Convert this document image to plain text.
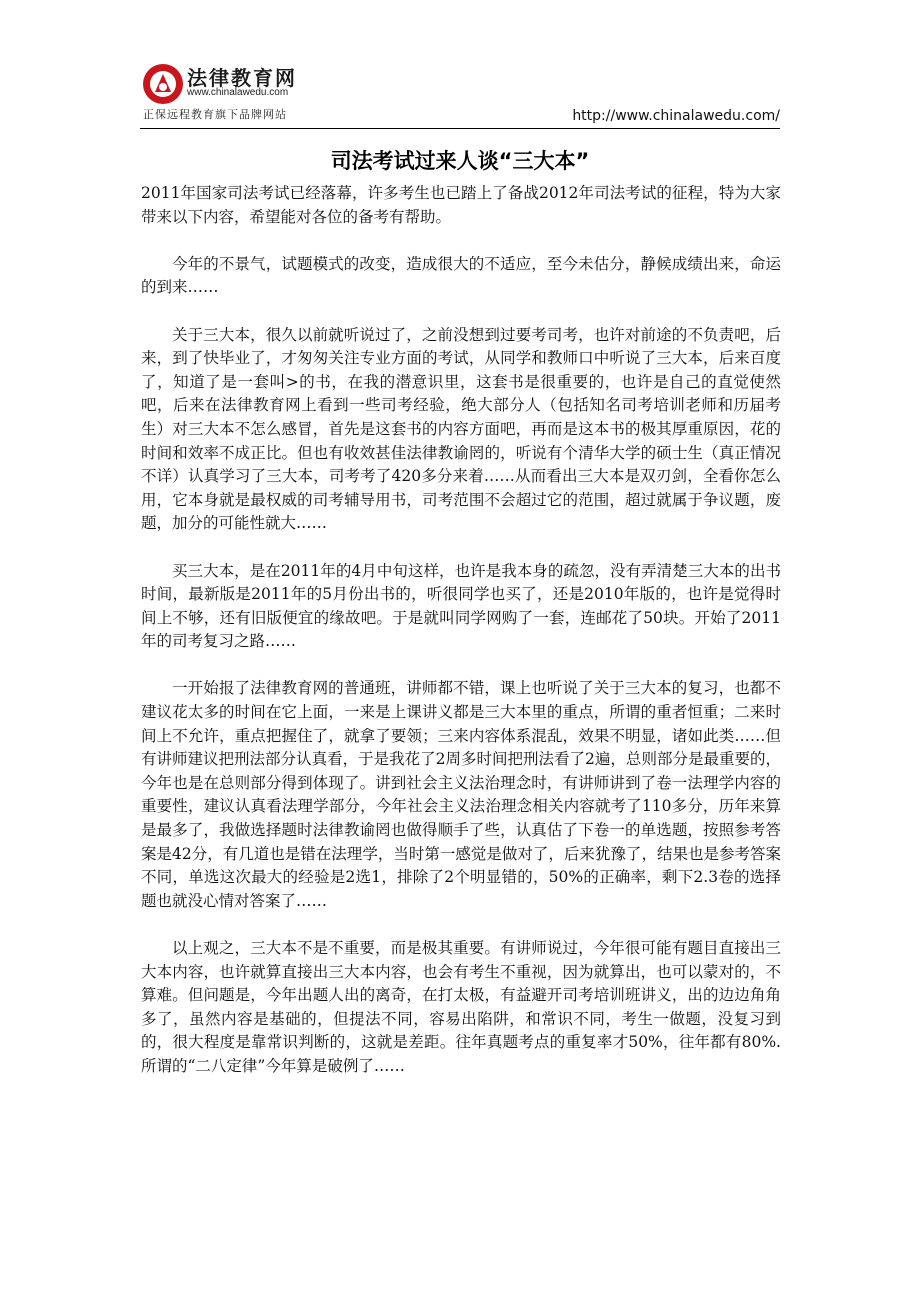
法律教育网
www.chinalawedu.com
正保远程教育旗下品牌网站	http://www.chinalawedu.com/
司法考试过来人谈“三大本”

2011年国家司法考试已经落幕，许多考生也已踏上了备战2012年司法考试的征程，特为大家带来以下内容，希望能对各位的备考有帮助。

今年的不景气，试题模式的改变，造成很大的不适应，至今未估分，静候成绩出来，命运的到来……

关于三大本，很久以前就听说过了，之前没想到过要考司考，也许对前途的不负责吧，后来，到了快毕业了，才匆匆关注专业方面的考试，从同学和教师口中听说了三大本，后来百度了，知道了是一套叫>的书，在我的潜意识里，这套书是很重要的，也许是自己的直觉使然吧，后来在法律教育网上看到一些司考经验，绝大部分人（包括知名司考培训老师和历届考生）对三大本不怎么感冒，首先是这套书的内容方面吧，再而是这本书的极其厚重原因，花的时间和效率不成正比。但也有收效甚佳法律教谕罔的，听说有个清华大学的硕士生（真正情况不详）认真学习了三大本，司考考了420多分来着……从而看出三大本是双刃剑，全看你怎么用，它本身就是最权威的司考辅导用书，司考范围不会超过它的范围，超过就属于争议题，废题，加分的可能性就大……

买三大本，是在2011年的4月中旬这样，也许是我本身的疏忽，没有弄清楚三大本的出书时间，最新版是2011年的5月份出书的，听很同学也买了，还是2010年版的，也许是觉得时间上不够，还有旧版便宜的缘故吧。于是就叫同学网购了一套，连邮花了50块。开始了2011年的司考复习之路……

一开始报了法律教育网的普通班，讲师都不错，课上也听说了关于三大本的复习，也都不建议花太多的时间在它上面，一来是上课讲义都是三大本里的重点，所谓的重者恒重；二来时间上不允许，重点把握住了，就拿了要领；三来内容体系混乱，效果不明显，诸如此类……但有讲师建议把刑法部分认真看，于是我花了2周多时间把刑法看了2遍，总则部分是最重要的，今年也是在总则部分得到体现了。讲到社会主义法治理念时，有讲师讲到了卷一法理学内容的重要性，建议认真看法理学部分，今年社会主义法治理念相关内容就考了110多分，历年来算是最多了，我做选择题时法律教谕罔也做得顺手了些，认真估了下卷一的单选题，按照参考答案是42分，有几道也是错在法理学，当时第一感觉是做对了，后来犹豫了，结果也是参考答案不同，单选这次最大的经验是2选1，排除了2个明显错的，50%的正确率，剩下2.3卷的选择题也就没心情对答案了……

以上观之，三大本不是不重要，而是极其重要。有讲师说过，今年很可能有题目直接出三大本内容，也许就算直接出三大本内容，也会有考生不重视，因为就算出，也可以蒙对的，不算难。但问题是，今年出题人出的离奇，在打太极，有益避开司考培训班讲义，出的边边角角多了，虽然内容是基础的，但提法不同，容易出陷阱，和常识不同，考生一做题，没复习到的，很大程度是靠常识判断的，这就是差距。往年真题考点的重复率才50%，往年都有80%.所谓的“二八定律”今年算是破例了……
